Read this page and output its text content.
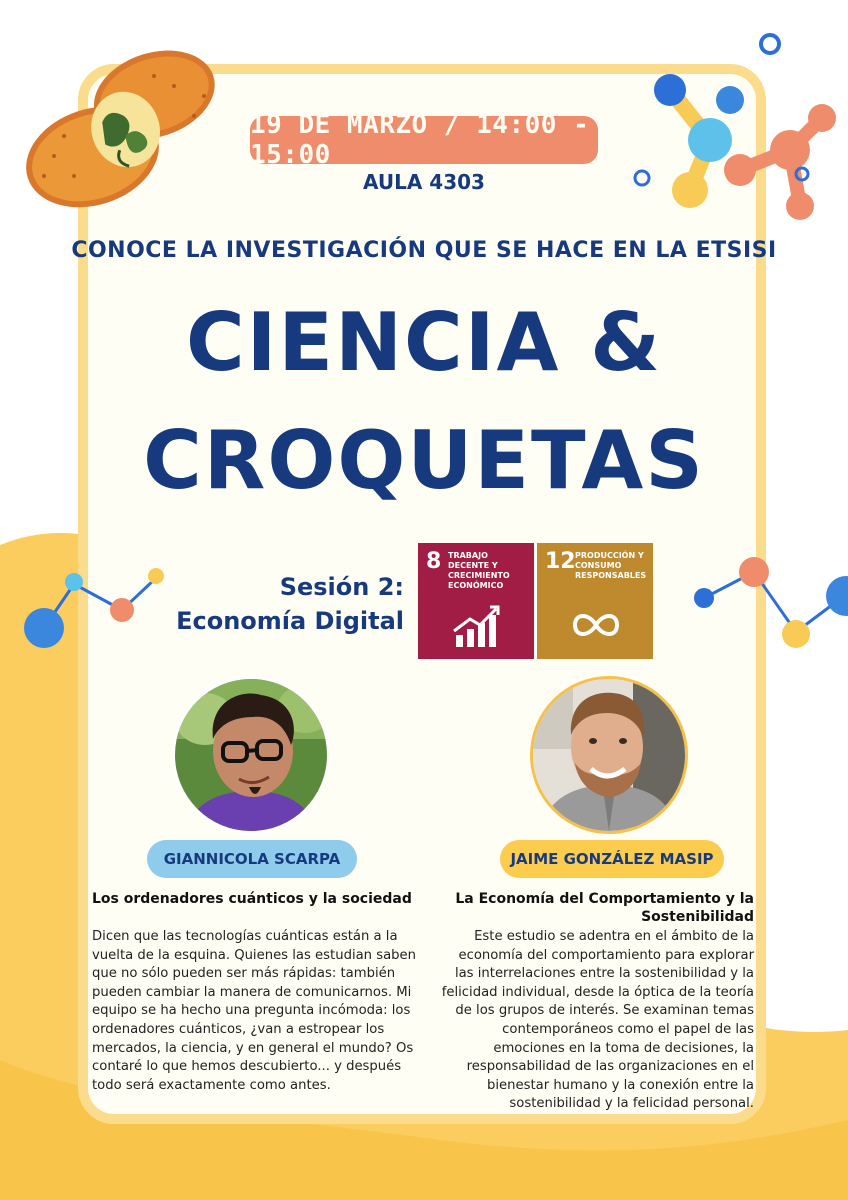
19 DE MARZO / 14:00 - 15:00
AULA 4303
CONOCE LA INVESTIGACIÓN QUE SE HACE EN LA ETSISI
CIENCIA &
CROQUETAS
Sesión 2:
Economía Digital
8 TRABAJO DECENTE Y CRECIMIENTO ECONÓMICO
12 PRODUCCIÓN Y CONSUMO RESPONSABLES
GIANNICOLA SCARPA	JAIME GONZÁLEZ MASIP
Los ordenadores cuánticos y la sociedad	La Economía del Comportamiento y la Sostenibilidad
Dicen que las tecnologías cuánticas están a la vuelta de la esquina. Quienes las estudian saben que no sólo pueden ser más rápidas: también pueden cambiar la manera de comunicarnos. Mi equipo se ha hecho una pregunta incómoda: los ordenadores cuánticos, ¿van a estropear los mercados, la ciencia, y en general el mundo? Os contaré lo que hemos descubierto... y después todo será exactamente como antes.
Este estudio se adentra en el ámbito de la economía del comportamiento para explorar las interrelaciones entre la sostenibilidad y la felicidad individual, desde la óptica de la teoría de los grupos de interés. Se examinan temas contemporáneos como el papel de las emociones en la toma de decisiones, la responsabilidad de las organizaciones en el bienestar humano y la conexión entre la sostenibilidad y la felicidad personal.
